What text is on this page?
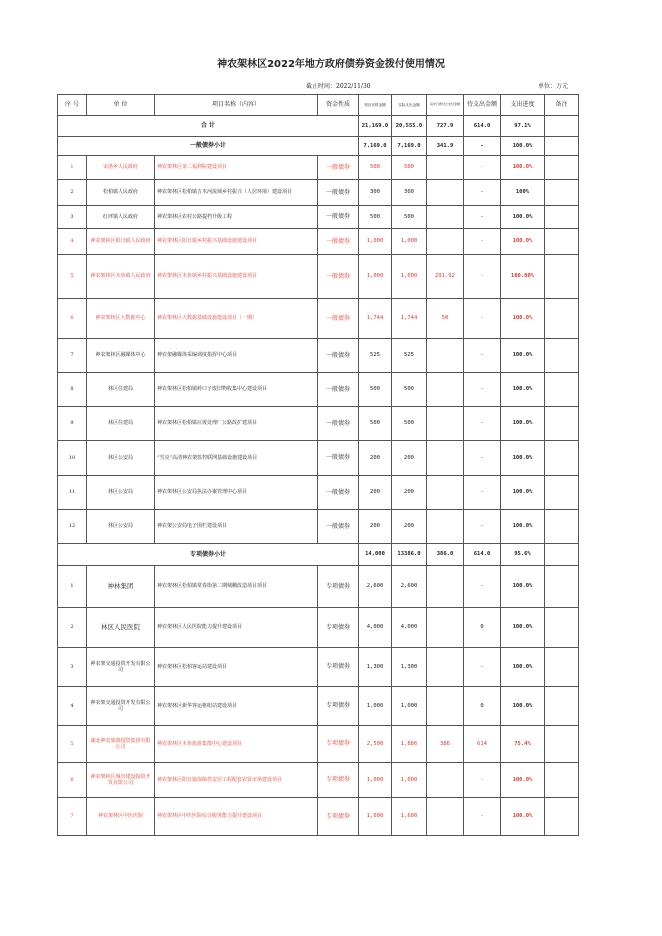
神农架林区2022年地方政府债券资金拨付使用情况
截止时间：2022/11/30	单位：万元
序 号	单 位	项目名称（内容）	资金性质	项目安排金额	实际支出金额	其中已拨付已支付金额	待支出金额	支出进度	备注
合 计				21,169.0	20,555.0	727.9	614.0	97.1%	
一般债券小计				7,169.0	7,169.0	341.9	-	100.0%	
1	宋洛乡人民政府	神农架林区第二福利院建设项目	一般债券	500	500		-	100.0%	
2	松柏镇人民政府	神农架林区松柏镇吉木河流域乡村振兴（人居环境）建设项目	一般债券	300	300		-	100%	
3	红坪镇人民政府	神农架林区农村公路提档升级工程	一般债券	500	500		-	100.0%	
4	神农架林区阳日镇人民政府	神农架林区阳日镇乡村振兴基础设施建设项目	一般债券	1,000	1,000		-	100.0%	
5	神农架林区木鱼镇人民政府	神农架林区木鱼镇乡村振兴基础设施建设项目	一般债券	1,000	1,000	291.92	-	100.00%	
6	神农架林区大数据中心	神农架林区大数据基础设施建设项目（一期）	一般债券	1,744	1,744	50	-	100.0%	
7	神农架林区融媒体中心	神农架融媒体采编调度指挥中心项目	一般债券	525	525		-	100.0%	
8	林区住建局	神农架林区松柏镇岭口子废旧物收集中心建设项目	一般债券	500	500		-	100.0%	
9	林区住建局	神农架林区松柏镇垃圾处理厂公路改扩建项目	一般债券	500	500		-	100.0%	
10	林区公安局	“雪亮”高清神农架监控联网基础设施建设项目	一般债券	200	200		-	100.0%	
11	林区公安局	神农架林区公安局执法办案管理中心项目	一般债券	200	200		-	100.0%	
12	林区公安局	神农架公安局电子围栏建设项目	一般债券	200	200		-	100.0%	
专项债券小计				14,000	13386.0	386.0	614.0	95.6%	
1	神林集团	神农架林区松柏镇常春街第二期城棚改造项目项目	专项债券	2,600	2,600		-	100.0%	
2	林区人民医院	神农架林区人民医院能力提升建设项目	专项债券	4,000	4,000		0	100.0%	
3	神农架交通投资开发有限公司	神农架林区松柏客运站建设项目	专项债券	1,300	1,300		-	100.0%	
4	神农架交通投资开发有限公司	神农架林区新华客运枢纽站建设项目	专项债券	1,000	1,000		0	100.0%	
5	湖北神农旅游投资集团有限公司	神农架林区木鱼旅游集散中心建设项目	专项债券	2,500	1,886	386	614	75.4%	
6	神农架林区城市建设投资开发有限公司	神农架林区阳日镇保障性安居工程配套农贸市场建设项目	专项债券	1,000	1,000		-	100.0%	
7	神农架林区中医医院	神农架林区中医医院综合服务能力提升建设项目	专项债券	1,600	1,600		-	100.0%	
